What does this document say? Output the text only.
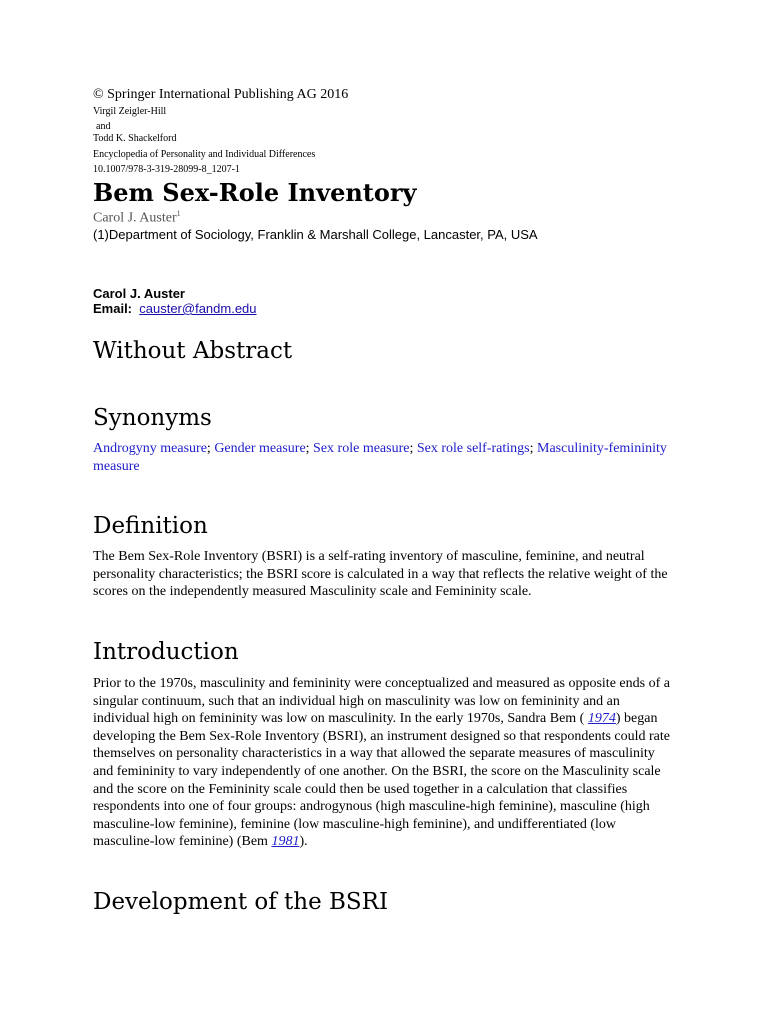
© Springer International Publishing AG 2016
Virgil Zeigler-Hill
and
Todd K. Shackelford
Encyclopedia of Personality and Individual Differences
10.1007/978-3-319-28099-8_1207-1
Bem Sex-Role Inventory
Carol J. Auster$^1$
(1)Department of Sociology, Franklin & Marshall College, Lancaster, PA, USA
Carol J. Auster
Email: causter@fandm.edu
Without Abstract
Synonyms

Androgyny measure; Gender measure; Sex role measure; Sex role self-ratings; Masculinity-femininity measure

Definition

The Bem Sex-Role Inventory (BSRI) is a self-rating inventory of masculine, feminine, and neutral personality characteristics; the BSRI score is calculated in a way that reflects the relative weight of the scores on the independently measured Masculinity scale and Femininity scale.

Introduction

Prior to the 1970s, masculinity and femininity were conceptualized and measured as opposite ends of a singular continuum, such that an individual high on masculinity was low on femininity and an individual high on femininity was low on masculinity. In the early 1970s, Sandra Bem ( 1974) began developing the Bem Sex-Role Inventory (BSRI), an instrument designed so that respondents could rate themselves on personality characteristics in a way that allowed the separate measures of masculinity and femininity to vary independently of one another. On the BSRI, the score on the Masculinity scale and the score on the Femininity scale could then be used together in a calculation that classifies respondents into one of four groups: androgynous (high masculine-high feminine), masculine (high masculine-low feminine), feminine (low masculine-high feminine), and undifferentiated (low masculine-low feminine) (Bem 1981).

Development of the BSRI
